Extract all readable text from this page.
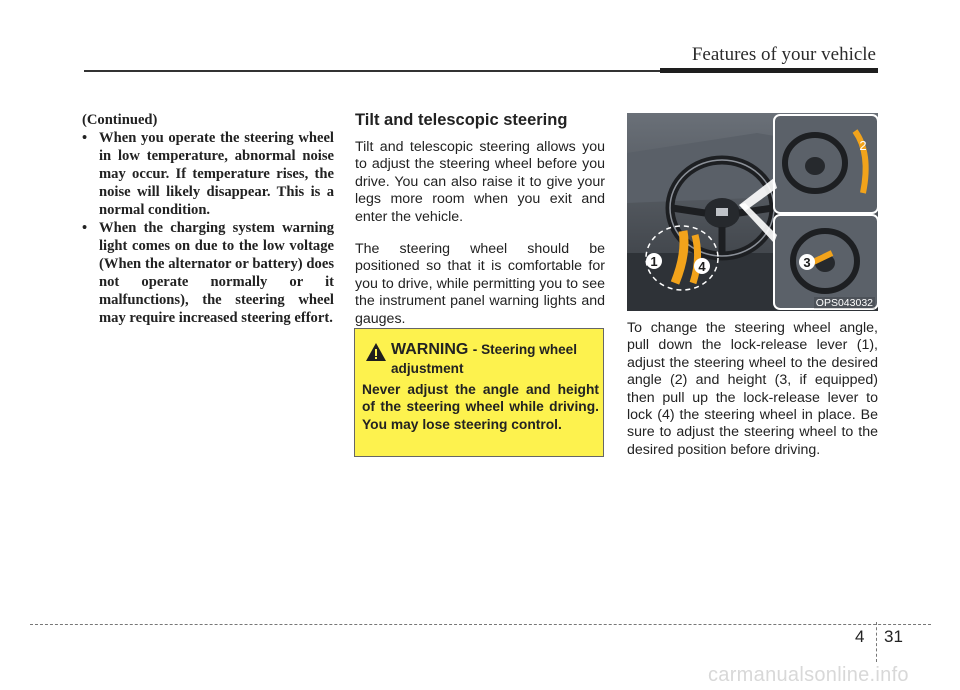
Features of your vehicle
(Continued)
• When you operate the steering wheel in low temperature, abnormal noise may occur. If temperature rises, the noise will likely disappear. This is a normal condition.
• When the charging system warning light comes on due to the low voltage (When the alternator or battery) does not operate normally or it malfunctions), the steering wheel may require increased steering effort.
Tilt and telescopic steering

Tilt and telescopic steering allows you to adjust the steering wheel before you drive. You can also raise it to give your legs more room when you exit and enter the vehicle.

The steering wheel should be positioned so that it is comfortable for you to drive, while permitting you to see the instrument panel warning lights and gauges.

WARNING - Steering wheel adjustment
Never adjust the angle and height of the steering wheel while driving. You may lose steering control.
1
2
3
4
OPS043032

To change the steering wheel angle, pull down the lock-release lever (1), adjust the steering wheel to the desired angle (2) and height (3, if equipped) then pull up the lock-release lever to lock (4) the steering wheel in place. Be sure to adjust the steering wheel to the desired position before driving.

4 31
carmanualsonline.info
